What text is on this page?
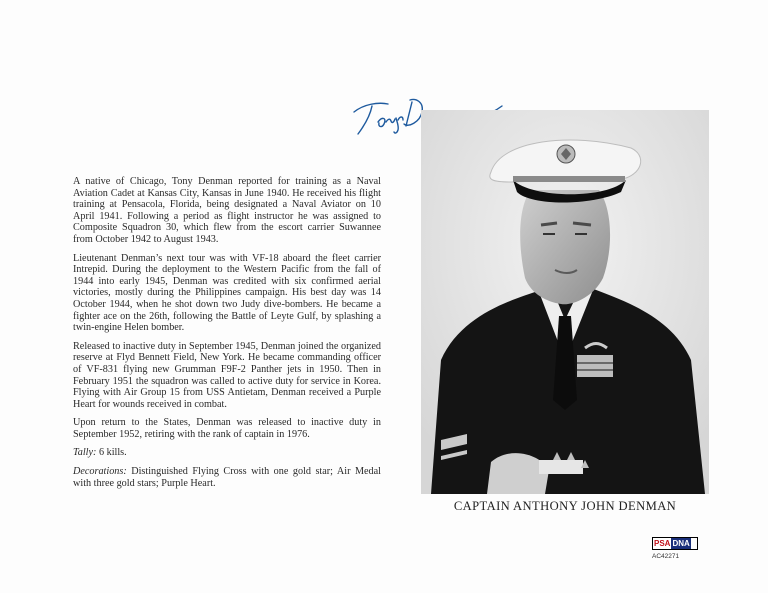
A native of Chicago, Tony Denman reported for training as a Naval Aviation Cadet at Kansas City, Kansas in June 1940. He received his flight training at Pensacola, Florida, being designated a Naval Aviator on 10 April 1941. Following a period as flight instructor he was assigned to Composite Squadron 30, which flew from the escort carrier Suwannee from October 1942 to August 1943.

Lieutenant Denman’s next tour was with VF-18 aboard the fleet carrier Intrepid. During the deployment to the Western Pacific from the fall of 1944 into early 1945, Denman was credited with six confirmed aerial victories, mostly during the Philippines campaign. His best day was 14 October 1944, when he shot down two Judy dive-bombers. He became a fighter ace on the 26th, following the Battle of Leyte Gulf, by splashing a twin-engine Helen bomber.

Released to inactive duty in September 1945, Denman joined the organized reserve at Flyd Bennett Field, New York. He became commanding officer of VF-831 flying new Grumman F9F-2 Panther jets in 1950. Then in February 1951 the squadron was called to active duty for service in Korea. Flying with Air Group 15 from USS Antietam, Denman received a Purple Heart for wounds received in combat.

Upon return to the States, Denman was released to inactive duty in September 1952, retiring with the rank of captain in 1976.

Tally: 6 kills.

Decorations: Distinguished Flying Cross with one gold star; Air Medal with three gold stars; Purple Heart.

CAPTAIN ANTHONY JOHN DENMAN
PSA DNA
AC42271
